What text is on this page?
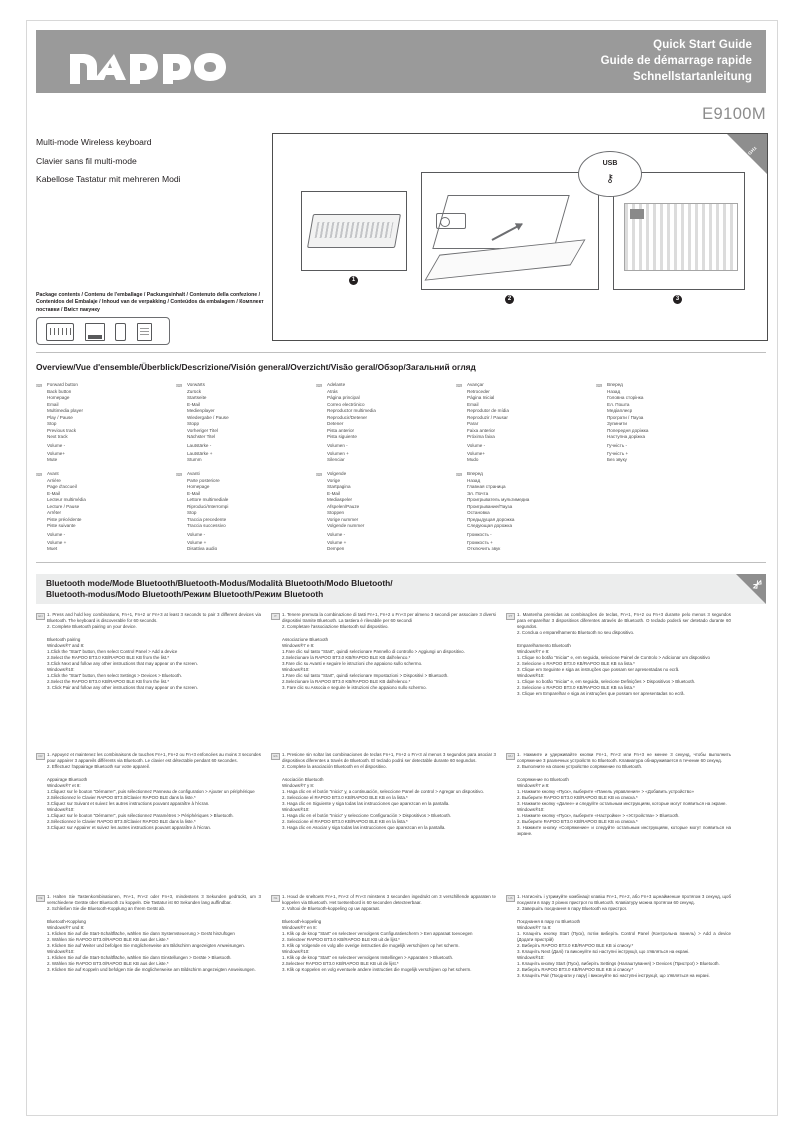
Quick Start Guide
Guide de démarrage rapide
Schnellstartanleitung
E9100M
Multi-mode Wireless keyboard
Clavier sans fil multi-mode
Kabellose Tastatur mit mehreren Modi
2.4 GHz
1
2
USB
⚷
3
Package contents / Contenu de l'emballage / Packungsinhalt / Contenuto della confezione / Contenidos del Embalaje / Inhoud van de verpakking / Conteúdos da embalagem / Комплект поставки / Вміст пакунку
Overview/Vue d'ensemble/Überblick/Descrizione/Visión general/Overzicht/Visão geral/Обзор/Загальний огляд
⌨ Forward button
Back button
Homepage
Email
Multimedia player
Play / Pause
Stop
Previous track
Next track
Volume -
Volume+
Mute
⌨ Vorwärts
Zurück
Startseite
E-Mail
Medienplayer
Wiedergabe / Pause
Stopp
Vorheriger Titel
Nächster Titel
Lautstärke -
Lautstärke +
Stumm
⌨ Adelante
Atrás
Página principal
Correo electrónico
Reproductor multimedia
Reproducir/Detener
Detener
Pista anterior
Pista siguiente
Volumen -
Volumen +
Silenciar
⌨ Avançar
Retroceder
Página Inicial
Email
Reprodutor de mídia
Reproduzir / Pausar
Parar
Faixa anterior
Próxima faixa
Volume -
Volume+
Mudo
⌨ Вперед
Назад
Головна сторінка
Ел. Пошта
Медіаплеєр
Програти / Пауза
Зупинити
Попередня доріжка
Наступна доріжка
Гучність -
Гучність +
Без звуку
⌨ Avant
Arrière
Page d'accueil
E-Mail
Lecteur multimédia
Lecture / Pause
Arrêter
Piste précédente
Piste suivante
Volume -
Volume +
Muet
⌨ Avanti
Parte posteriore
Homepage
E-Mail
Lettore multimediale
Riproduci/Interrompi
Stop
Traccia precedente
Traccia successivo
Volume -
Volume +
Disattiva audio
⌨ Volgende
Vorige
Startpagina
E-Mail
Mediaspeler
Afspelen/Pauze
Stoppen
Vorige nummer
Volgende nummer
Volume -
Volume +
Dempen
⌨ Вперед
Назад
Главная страница
Эл. Почта
Проигрыватель мультимедиа
Проигрывание/Пауза
Остановка
Предыдущая дорожка
Следующая дорожка
Громкость -
Громкость +
Отключить звук
Bluetooth mode/Mode Bluetooth/Bluetooth-Modus/Modalità Bluetooth/Modo Bluetooth/
Bluetooth-modus/Modo Bluetooth/Режим Bluetooth/Режим Bluetooth
EN 1. Press and hold key combinations, Fn+1, Fn+2 or Fn+3 at least 3 seconds to pair 3 different devices via Bluetooth. The keyboard is discoverable for 60 seconds.

2. Complete Bluetooth pairing on your device.

Bluetooth pairing

Windows®7 and 8:

1.Click the “Start” button, then select Control Panel > Add a device

2.Select the RAPOO BT3.0 KB/RAPOO BLE KB from the list.*

3.Click Next and follow any other instructions that may appear on the screen.

Windows®10:

1.Click the “Start” button, then select Settings > Devices > Bluetooth.

2.Select the RAPOO BT3.0 KB/RAPOO BLE KB from the list.*

3. Click Pair and follow any other instructions that may appear on the screen.

FR	1. Appuyez et maintenez les combinaisons de touches Fn+1, Fn+2 ou Fn+3 enfoncées au moins 3 secondes pour appairer 3 appareils différents via Bluetooth. Le clavier est détectable pendant 60 secondes.

2. Effectuez l'appairage Bluetooth sur votre appareil.

Appairage Bluetooth

Windows®7 et 8:

1.Cliquez sur le bouton "Démarrer", puis sélectionnez Panneau de configuration > Ajouter un périphérique

2.Sélectionnez le Clavier RAPOO BT3.0/Clavier RAPOO BLE dans la liste.*

3.Cliquez sur Suivant et suivez les autres instructions pouvant apparaître à l'écran.

Windows®10:

1.Cliquez sur le bouton "Démarrer", puis sélectionnez Paramètres > Périphériques > Bluetooth.

2.Sélectionnez le Clavier RAPOO BT3.0/Clavier RAPOO BLE dans la liste.*

3.Cliquez sur Appairer et suivez les autres instructions pouvant apparaître à l'écran.

DE 1. Halten Sie Tastenkombinationen, Fn+1, Fn+2 oder Fn+3, mindestens 3 Sekunden gedrückt, um 3 verschiedene Geräte über Bluetooth zu koppeln. Die Tastatur ist 60 Sekunden lang auffindbar.

2. Schließen Sie die Bluetooth-Kopplung an Ihrem Gerät ab.

Bluetooth-Kopplung

Windows®7 und 8:

1. Klicken Sie auf die Start-Schaltfläche, wählen Sie dann Systemsteuerung > Gerät hinzufügen

2. Wählen Sie RAPOO BT3.0/RAPOO BLE KB aus der Liste.*

3. Klicken Sie auf Weiter und befolgen Sie möglicherweise am Bildschirm angezeigten Anweisungen.

Windows®10:

1. Klicken Sie auf die Start-Schaltfläche, wählen Sie dann Einstellungen > Geräte > Bluetooth.

2. Wählen Sie RAPOO BT3.0/RAPOO BLE KB aus der Liste.*

3. Klicken Sie auf Koppeln und befolgen Sie die möglicherweise am Bildschirm angezeigten Anweisungen.

IT	1. Tenere premuta la combinazione di tasti Fn+1, Fn+2 o Fn+3 per almeno 3 secondi per associare 3 diversi dispositivi tramite Bluetooth. La tastiera è rilevabile per 60 secondi

2. Completare l'associazione Bluetooth sul dispositivo.

Associazione Bluetooth

Windows®7 e 8:

1.Fare clic sul tasto "Start", quindi selezionare Pannello di controllo > Aggiungi un dispositivo.

2.Selezionare la RAPOO BT3.0 KB/RAPOO BLE KB dall'elenco.*

3.Fare clic su Avanti e seguire le istruzioni che appaiono sullo schermo.

Windows®10:

1.Fare clic sul tasto "Start", quindi selezionare Impostazioni > Dispositivi > Bluetooth.

2.Selezionare la RAPOO BT3.0 KB/RAPOO BLE KB dall'elenco.*

3. Fare clic su Associa e seguire le istruzioni che appaiono sullo schermo.

ES	1. Presione sin soltar las combinaciones de teclas Fn+1, Fn+2 o Fn+3 al menos 3 segundos para asociar 3 dispositivos diferentes a través de Bluetooth. El teclado podrá ser detectable durante 60 segundos.

2. Complete la asociación Bluetooth en el dispositivo.

Asociación Bluetooth

Windows®7 y 8:

1. Haga clic en el botón "Inicio" y, a continuación, seleccione Panel de control > Agregar un dispositivo.

2. Seleccione el RAPOO BT3.0 KB/RAPOO BLE KB en la lista.*

3. Haga clic en Siguiente y siga todas las instrucciones que aparezcan en la pantalla.

Windows®10:

1. Haga clic en el botón "Inicio" y seleccione Configuración > Dispositivos > Bluetooth.

2. Seleccione el RAPOO BT3.0 KB/RAPOO BLE KB en la lista.*

3. Haga clic en Asociar y siga todas las instrucciones que aparezcan en la pantalla.

NL	1. Houd de sneltoets Fn+1, Fn+2 of Fn+3 minstens 3 seconden ingedrukt om 3 verschillende apparaten te koppelen via Bluetooth. Het toetsenbord is 60 seconden detecteerbaar.

2. Voltooi de Bluetooth-koppeling op uw apparaat.

Bluetooth-koppeling

Windows®7 en 8:

1. Klik op de knop "Start" en selecteer vervolgens Configuratiescherm > Een apparaat toevoegen

2. Selecteer RAPOO BT3.0 KB/RAPOO BLE KB uit de lijst.*

3. Klik op Volgende en volg alle overige instructies die mogelijk verschijnen op het scherm.

Windows®10:

1. Klik op de knop "Start" en selecteer vervolgens Instellingen > Apparaten > Bluetooth.

2.Selecteer RAPOO BT3.0 KB/RAPOO BLE KB uit de lijst.*

3. Klik op Koppelen en volg eventuele andere instructies die mogelijk verschijnen op het scherm.

PT	1. Mantenha premidas as combinações de teclas, Fn+1, Fn+2 ou Fn+3 durante pelo menos 3 segundos para emparelhar 3 dispositivos diferentes através de Bluetooth. O teclado poderá ser detetado durante 60 segundos.

2. Conclua o emparelhamento Bluetooth no seu dispositivo.

Emparelhamento Bluetooth

Windows®7 e 8:

1. Clique no botão "Iniciar" e, em seguida, selecione Painel de Controlo > Adicionar um dispositivo

2. Selecione o RAPOO BT3.0 KB/RAPOO BLE KB na lista.*

3. Clique em Seguinte e siga as instruções que possam ser apresentadas no ecrã.

Windows®10:

1. Clique no botão "Iniciar" e, em seguida, selecione Definições > Dispositivos > Bluetooth.

2. Selecione o RAPOO BT3.0 KB/RAPOO BLE KB na lista.*

3. Clique em Emparelhar e siga as instruções que possam ser apresentadas no ecrã.

RU 1. Нажмите и удерживайте кнопки Fn+1, Fn+2 или Fn+3 не менее 3 секунд, чтобы выполнить сопряжение 3 различных устройств по Bluetooth. Клавиатура обнаруживается в течение 60 секунд.

2. Выполните на своем устройстве сопряжение по Bluetooth.

Сопряжение по Bluetooth

Windows®7 и 8:

1. Нажмите кнопку «Пуск», выберите «Панель управления» > «Добавить устройство»

2. Выберите RAPOO BT3.0 KB/RAPOO BLE KB из списка.*

3. Нажмите кнопку «Далее» и следуйте остальным инструкциям, которые могут появиться на экране.

Windows®10:

1. Нажмите кнопку «Пуск», выберите «Настройки» > «Устройства» > Bluetooth.

2. Выберите RAPOO BT3.0 KB/RAPOO BLE KB из списка.*

3. Нажмите кнопку «Сопряжение» и следуйте остальным инструкциям, которые могут появиться на экране.

UA 1. Натисніть і утримуйте комбінації клавіш Fn+1, Fn+2, або Fn+3 щонайменше протягом 3 секунд, щоб поєднати в пару 3 різних пристрої по Bluetooth. Клавіатуру можна протягом 60 секунд.

2. Завершіть поєднання в пару Bluetooth на пристрої.

Поєднання в пару по Bluetooth

Windows®7 та 8:

1. Клацніть кнопку Start (Пуск), потім виберіть Control Panel (Контрольна панель) > Add a device (Додати пристрій)

2. Виберіть RAPOO BT3.0 KB/RAPOO BLE KB зі списку.*

3. Клацніть Next (Далі) та виконуйте всі наступні інструкції, що з'являться на екрані.

Windows®10:

1. Клацніть кнопку Start (Пуск), виберіть Settings (Налаштування) > Devices (Пристрої) > Bluetooth.

2. Виберіть RAPOO BT3.0 KB/RAPOO BLE KB зі списку.*

3. Клацніть Pair (Поєднати у пару) і виконуйте всі наступні інструкції, що з'являться на екрані.
